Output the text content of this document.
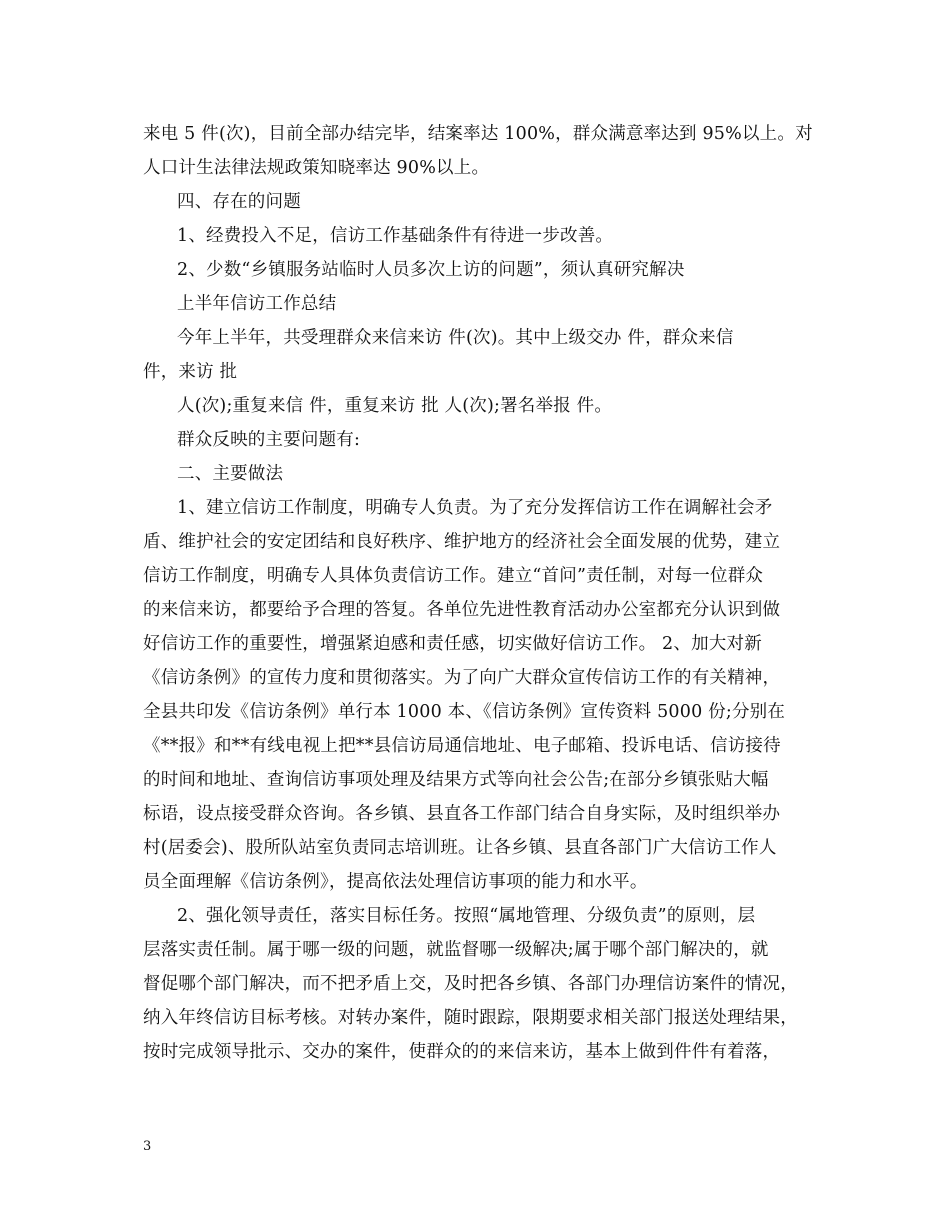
来电 5 件(次)，目前全部办结完毕，结案率达 100%，群众满意率达到 95%以上。对
人口计生法律法规政策知晓率达 90%以上。
四、存在的问题
1、经费投入不足，信访工作基础条件有待进一步改善。
2、少数“乡镇服务站临时人员多次上访的问题”，须认真研究解决
上半年信访工作总结
今年上半年，共受理群众来信来访 件(次)。其中上级交办 件，群众来信
件，来访 批
人(次);重复来信 件，重复来访 批 人(次);署名举报 件。
群众反映的主要问题有:
二、主要做法
1、建立信访工作制度，明确专人负责。为了充分发挥信访工作在调解社会矛
盾、维护社会的安定团结和良好秩序、维护地方的经济社会全面发展的优势，建立
信访工作制度，明确专人具体负责信访工作。建立“首问”责任制，对每一位群众
的来信来访，都要给予合理的答复。各单位先进性教育活动办公室都充分认识到做
好信访工作的重要性，增强紧迫感和责任感，切实做好信访工作。 2、加大对新
《信访条例》的宣传力度和贯彻落实。为了向广大群众宣传信访工作的有关精神，
全县共印发《信访条例》单行本 1000 本、《信访条例》宣传资料 5000 份;分别在
《**报》和**有线电视上把**县信访局通信地址、电子邮箱、投诉电话、信访接待
的时间和地址、查询信访事项处理及结果方式等向社会公告;在部分乡镇张贴大幅
标语，设点接受群众咨询。各乡镇、县直各工作部门结合自身实际，及时组织举办
村(居委会)、股所队站室负责同志培训班。让各乡镇、县直各部门广大信访工作人
员全面理解《信访条例》，提高依法处理信访事项的能力和水平。
2、强化领导责任，落实目标任务。按照“属地管理、分级负责”的原则，层
层落实责任制。属于哪一级的问题，就监督哪一级解决;属于哪个部门解决的，就
督促哪个部门解决，而不把矛盾上交，及时把各乡镇、各部门办理信访案件的情况，
纳入年终信访目标考核。对转办案件，随时跟踪，限期要求相关部门报送处理结果，
按时完成领导批示、交办的案件，使群众的的来信来访，基本上做到件件有着落，
3
